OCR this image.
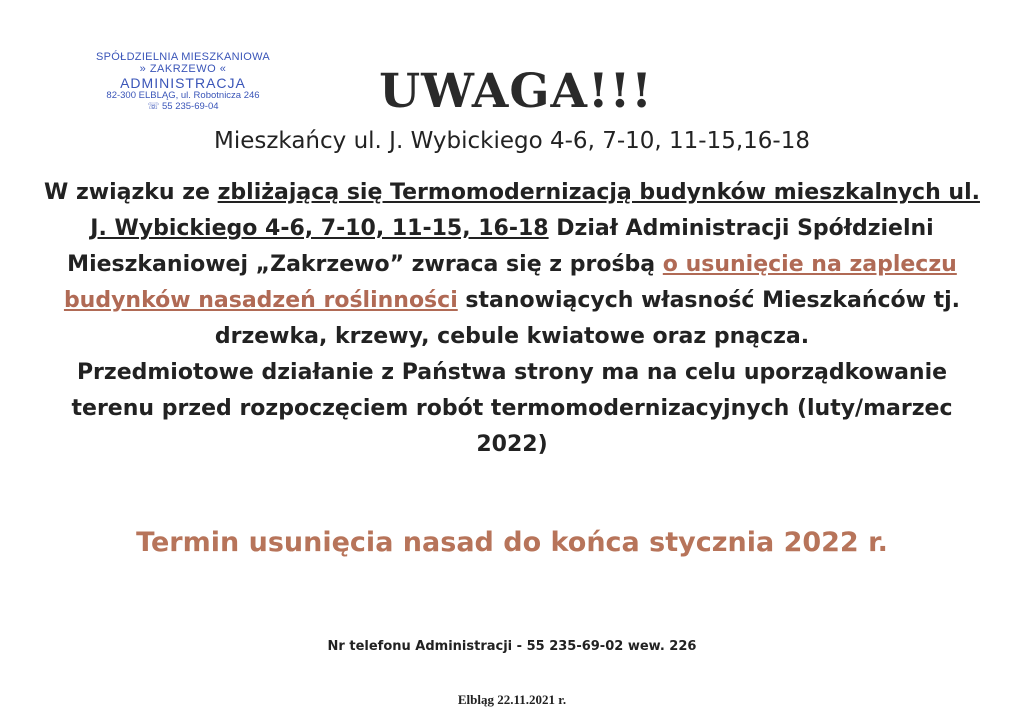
SPÓŁDZIELNIA MIESZKANIOWA
» ZAKRZEWO «
ADMINISTRACJA
82-300 ELBLĄG, ul. Robotnicza 246
☏ 55 235-69-04	UWAGA!!!
Mieszkańcy ul. J. Wybickiego 4-6, 7-10, 11-15,16-18
W związku ze zbliżającą się Termomodernizacją budynków mieszkalnych ul. J. Wybickiego 4-6, 7-10, 11-15, 16-18 Dział Administracji Spółdzielni Mieszkaniowej „Zakrzewo” zwraca się z prośbą o usunięcie na zapleczu budynków nasadzeń roślinności stanowiących własność Mieszkańców tj. drzewka, krzewy, cebule kwiatowe oraz pnącza.
Przedmiotowe działanie z Państwa strony ma na celu uporządkowanie terenu przed rozpoczęciem robót termomodernizacyjnych (luty/marzec 2022)
Termin usunięcia nasad do końca stycznia 2022 r.
Nr telefonu Administracji - 55 235-69-02 wew. 226
Elbląg 22.11.2021 r.
